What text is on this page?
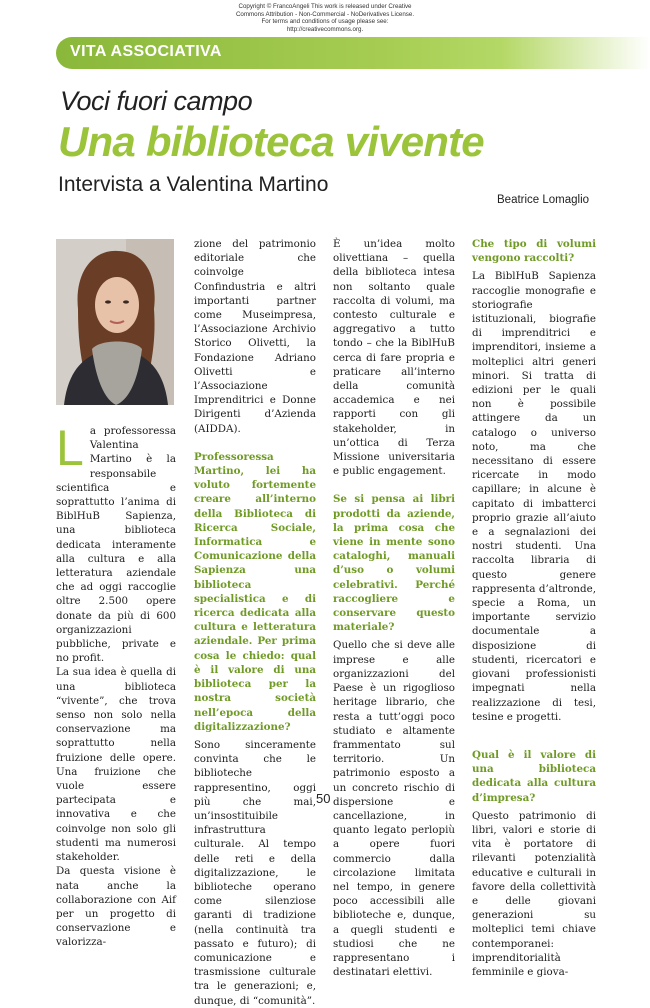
Copyright © FrancoAngeli This work is released under Creative
Commons Attribution - Non-Commercial - NoDerivatives License.
For terms and conditions of usage please see:
http://creativecommons.org.
VITA ASSOCIATIVA
Voci fuori campo
Una biblioteca vivente
Intervista a Valentina Martino
Beatrice Lomaglio
L a professoressa Valentina Martino è la responsabile scientifica e soprattutto l’anima di BiblHuB Sapienza, una biblioteca dedicata interamente alla cultura e alla letteratura aziendale che ad oggi raccoglie oltre 2.500 opere donate da più di 600 organizzazioni pubbliche, private e no profit.

La sua idea è quella di una biblioteca “vivente”, che trova senso non solo nella conservazione ma soprattutto nella fruizione delle opere. Una fruizione che vuole essere partecipata e innovativa e che coinvolge non solo gli studenti ma numerosi stakeholder.

Da questa visione è nata anche la collaborazione con Aif per un progetto di conservazione e valorizza-

zione del patrimonio editoriale che coinvolge Confindustria e altri importanti partner come Museimpresa, l’Associazione Archivio Storico Olivetti, la Fondazione Adriano Olivetti e l’Associazione Imprenditrici e Donne Dirigenti d’Azienda (AIDDA).

Professoressa Martino, lei ha voluto fortemente creare all’interno della Biblioteca di Ricerca Sociale, Informatica e Comunicazione della Sapienza una biblioteca specialistica e di ricerca dedicata alla cultura e letteratura aziendale. Per prima cosa le chiedo: qual è il valore di una biblioteca per la nostra società nell’epoca della digitalizzazione?

Sono sinceramente convinta che le biblioteche rappresentino, oggi più che mai, un’insostituibile infrastruttura culturale. Al tempo delle reti e della digitalizzazione, le biblioteche operano come silenziose garanti di tradizione (nella continuità tra passato e futuro); di comunicazione e trasmissione culturale tra le generazioni; e, dunque, di “comunità”.

È un’idea molto olivettiana – quella della biblioteca intesa non soltanto quale raccolta di volumi, ma contesto culturale e aggregativo a tutto tondo – che la BiblHuB cerca di fare propria e praticare all’interno della comunità accademica e nei rapporti con gli stakeholder, in un’ottica di Terza Missione universitaria e public engagement.

Se si pensa ai libri prodotti da aziende, la prima cosa che viene in mente sono cataloghi, manuali d’uso o volumi celebrativi. Perché raccogliere e conservare questo materiale?

Quello che si deve alle imprese e alle organizzazioni del Paese è un rigoglioso heritage librario, che resta a tutt’oggi poco studiato e altamente frammentato sul territorio. Un patrimonio esposto a un concreto rischio di dispersione e cancellazione, in quanto legato perlopiù a opere fuori commercio dalla circolazione limitata nel tempo, in genere poco accessibili alle biblioteche e, dunque, a quegli studenti e studiosi che ne rappresentano i destinatari elettivi.

Che tipo di volumi vengono raccolti?

La BiblHuB Sapienza raccoglie monografie e storiografie istituzionali, biografie di imprenditrici e imprenditori, insieme a molteplici altri generi minori. Si tratta di edizioni per le quali non è possibile attingere da un catalogo o universo noto, ma che necessitano di essere ricercate in modo capillare; in alcune è capitato di imbatterci proprio grazie all’aiuto e a segnalazioni dei nostri studenti. Una raccolta libraria di questo genere rappresenta d’altronde, specie a Roma, un importante servizio documentale a disposizione di studenti, ricercatori e giovani professionisti impegnati nella realizzazione di tesi, tesine e progetti.

Qual è il valore di una biblioteca dedicata alla cultura d’impresa?

Questo patrimonio di libri, valori e storie di vita è portatore di rilevanti potenzialità educative e culturali in favore della collettività e delle giovani generazioni su molteplici temi chiave contemporanei: imprenditorialità femminile e giova-

50
